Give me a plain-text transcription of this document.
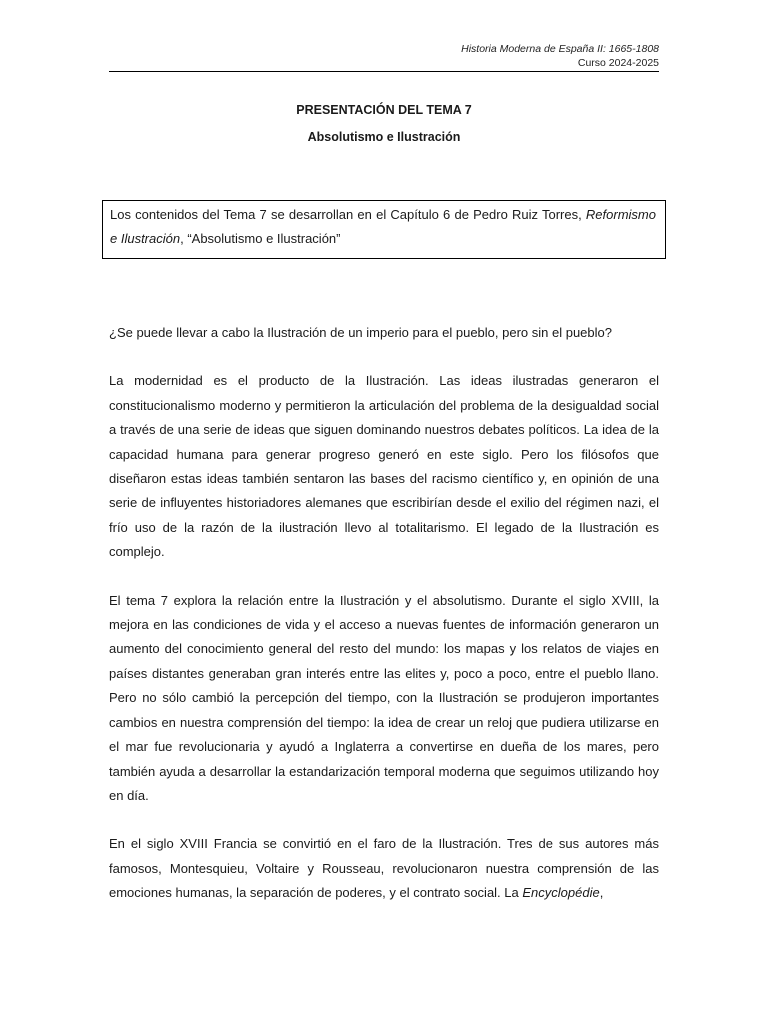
Historia Moderna de España II: 1665-1808
Curso 2024-2025
PRESENTACIÓN DEL TEMA 7
Absolutismo e Ilustración
Los contenidos del Tema 7 se desarrollan en el Capítulo 6 de Pedro Ruiz Torres, Reformismo e Ilustración, “Absolutismo e Ilustración”

¿Se puede llevar a cabo la Ilustración de un imperio para el pueblo, pero sin el pueblo?

La modernidad es el producto de la Ilustración. Las ideas ilustradas generaron el constitucionalismo moderno y permitieron la articulación del problema de la desigualdad social a través de una serie de ideas que siguen dominando nuestros debates políticos. La idea de la capacidad humana para generar progreso generó en este siglo. Pero los filósofos que diseñaron estas ideas también sentaron las bases del racismo científico y, en opinión de una serie de influyentes historiadores alemanes que escribirían desde el exilio del régimen nazi, el frío uso de la razón de la ilustración llevo al totalitarismo. El legado de la Ilustración es complejo.

El tema 7 explora la relación entre la Ilustración y el absolutismo. Durante el siglo XVIII, la mejora en las condiciones de vida y el acceso a nuevas fuentes de información generaron un aumento del conocimiento general del resto del mundo: los mapas y los relatos de viajes en países distantes generaban gran interés entre las elites y, poco a poco, entre el pueblo llano. Pero no sólo cambió la percepción del tiempo, con la Ilustración se produjeron importantes cambios en nuestra comprensión del tiempo: la idea de crear un reloj que pudiera utilizarse en el mar fue revolucionaria y ayudó a Inglaterra a convertirse en dueña de los mares, pero también ayuda a desarrollar la estandarización temporal moderna que seguimos utilizando hoy en día.

En el siglo XVIII Francia se convirtió en el faro de la Ilustración. Tres de sus autores más famosos, Montesquieu, Voltaire y Rousseau, revolucionaron nuestra comprensión de las emociones humanas, la separación de poderes, y el contrato social. La Encyclopédie,
